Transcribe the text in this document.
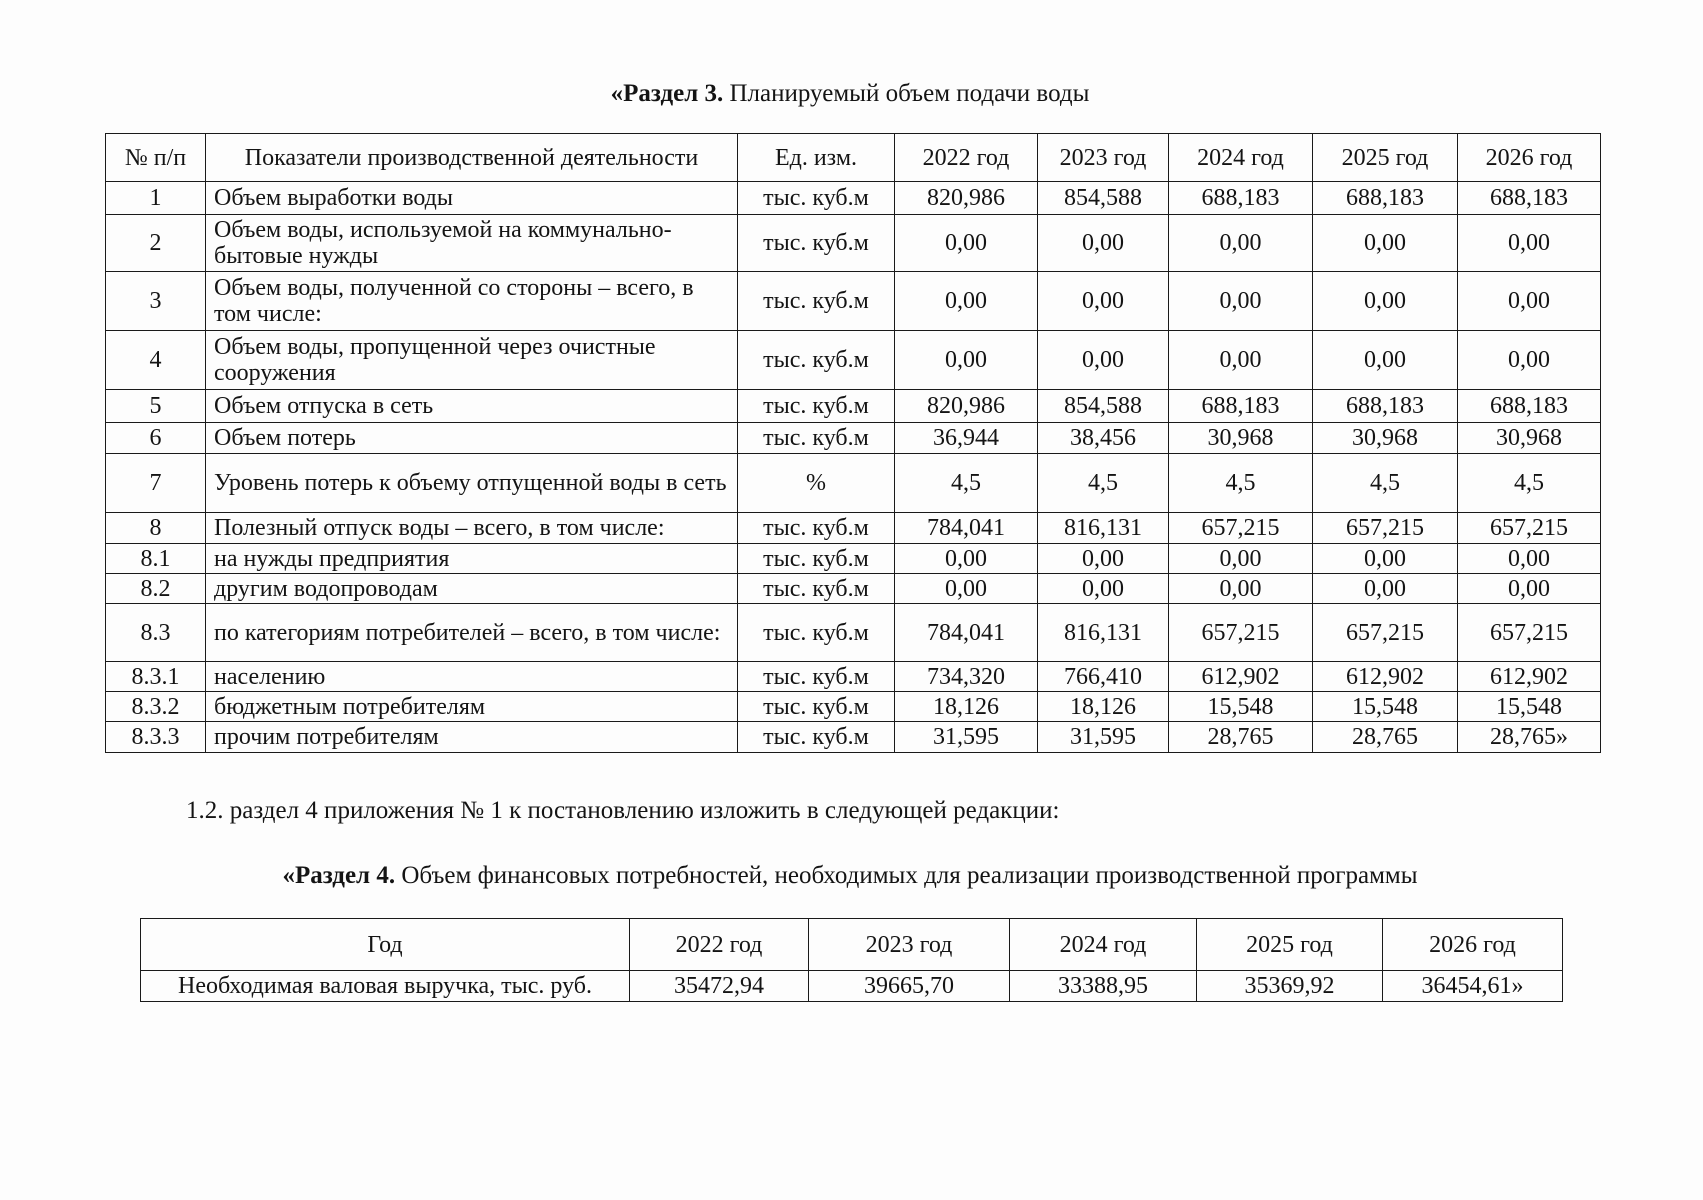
«Раздел 3. Планируемый объем подачи воды
№ п/п	Показатели производственной деятельности	Ед. изм.	2022 год	2023 год	2024 год	2025 год	2026 год
1	Объем выработки воды	тыс. куб.м	820,986	854,588	688,183	688,183	688,183
2	Объем воды, используемой на коммунально-бытовые нужды	тыс. куб.м	0,00	0,00	0,00	0,00	0,00
3	Объем воды, полученной со стороны – всего, в том числе:	тыс. куб.м	0,00	0,00	0,00	0,00	0,00
4	Объем воды, пропущенной через очистные сооружения	тыс. куб.м	0,00	0,00	0,00	0,00	0,00
5	Объем отпуска в сеть	тыс. куб.м	820,986	854,588	688,183	688,183	688,183
6	Объем потерь	тыс. куб.м	36,944	38,456	30,968	30,968	30,968
7	Уровень потерь к объему отпущенной воды в сеть	%	4,5	4,5	4,5	4,5	4,5
8	Полезный отпуск воды – всего, в том числе:	тыс. куб.м	784,041	816,131	657,215	657,215	657,215
8.1	на нужды предприятия	тыс. куб.м	0,00	0,00	0,00	0,00	0,00
8.2	другим водопроводам	тыс. куб.м	0,00	0,00	0,00	0,00	0,00
8.3	по категориям потребителей – всего, в том числе:	тыс. куб.м	784,041	816,131	657,215	657,215	657,215
8.3.1	населению	тыс. куб.м	734,320	766,410	612,902	612,902	612,902
8.3.2	бюджетным потребителям	тыс. куб.м	18,126	18,126	15,548	15,548	15,548
8.3.3	прочим потребителям	тыс. куб.м	31,595	31,595	28,765	28,765	28,765»

1.2. раздел 4 приложения № 1 к постановлению изложить в следующей редакции:

«Раздел 4. Объем финансовых потребностей, необходимых для реализации производственной программы
Год	2022 год	2023 год	2024 год	2025 год	2026 год
Необходимая валовая выручка, тыс. руб.	35472,94	39665,70	33388,95	35369,92	36454,61»
